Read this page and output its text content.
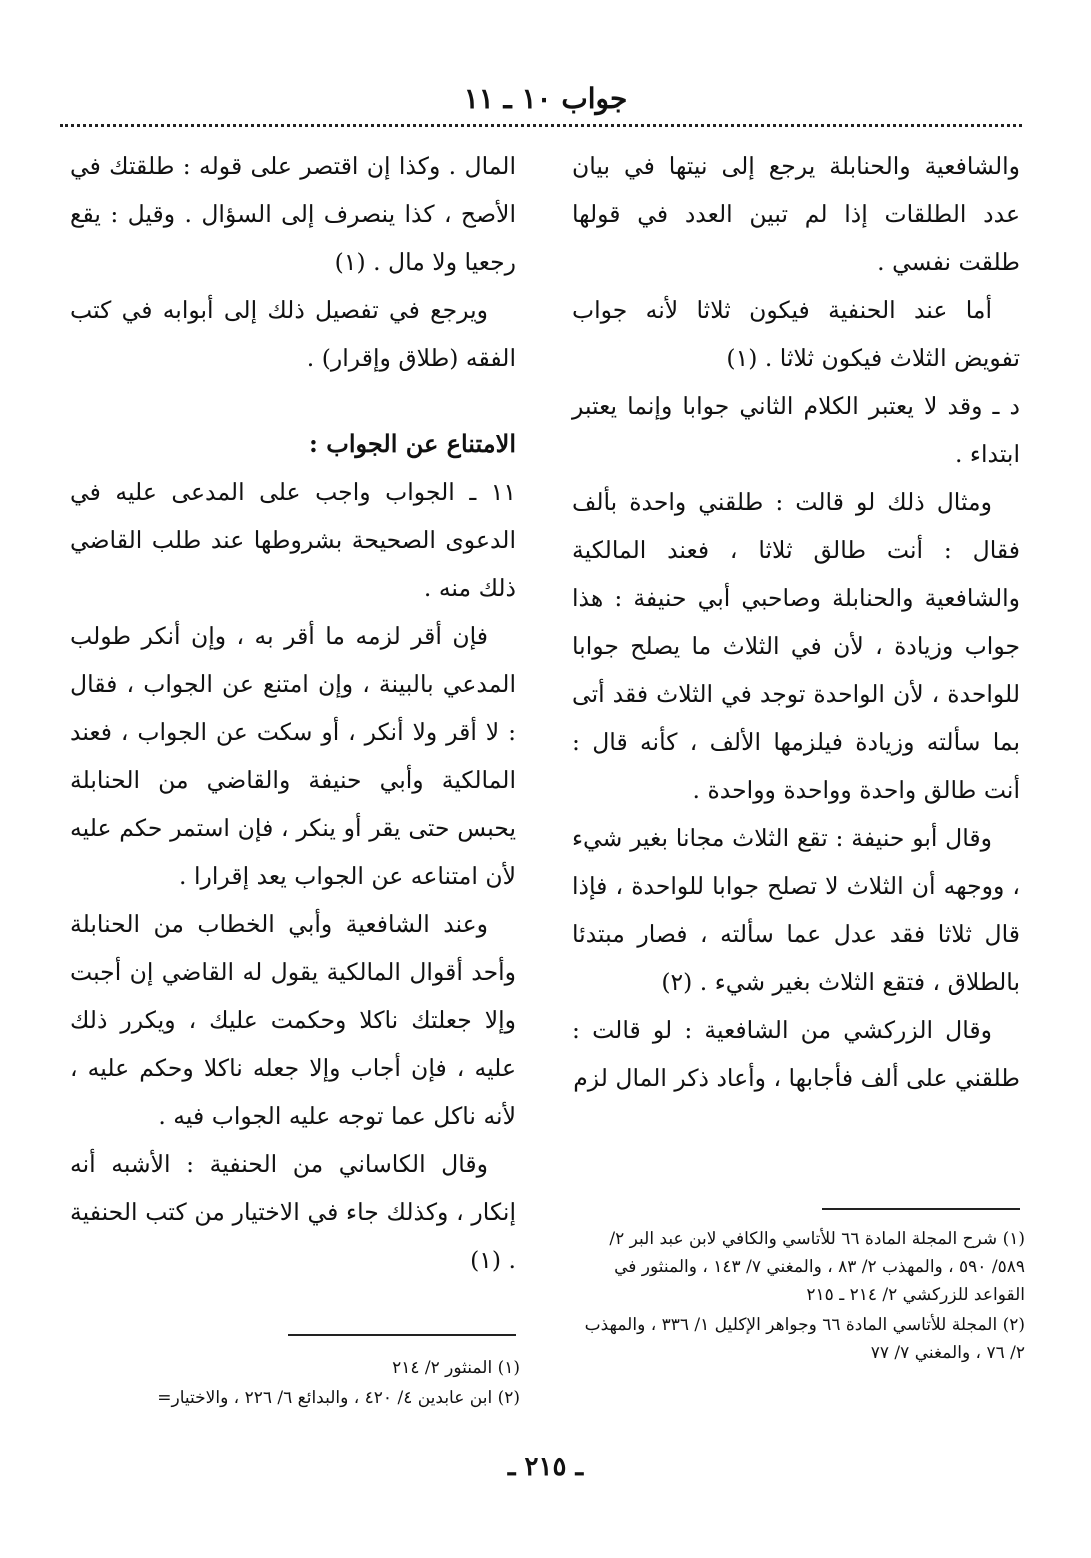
جواب ١٠ ـ ١١

والشافعية والحنابلة يرجع إلى نيتها في بيان عدد الطلقات إذا لم تبين العدد في قولها طلقت نفسي .

أما عند الحنفية فيكون ثلاثا لأنه جواب تفويض الثلاث فيكون ثلاثا . (١)

د ـ وقد لا يعتبر الكلام الثاني جوابا وإنما يعتبر ابتداء .

ومثال ذلك لو قالت : طلقني واحدة بألف فقال : أنت طالق ثلاثا ، فعند المالكية والشافعية والحنابلة وصاحبي أبي حنيفة : هذا جواب وزيادة ، لأن في الثلاث ما يصلح جوابا للواحدة ، لأن الواحدة توجد في الثلاث فقد أتى بما سألته وزيادة فيلزمها الألف ، كأنه قال : أنت طالق واحدة وواحدة وواحدة .

وقال أبو حنيفة : تقع الثلاث مجانا بغير شيء ، ووجهه أن الثلاث لا تصلح جوابا للواحدة ، فإذا قال ثلاثا فقد عدل عما سألته ، فصار مبتدئا بالطلاق ، فتقع الثلاث بغير شيء . (٢)

وقال الزركشي من الشافعية : لو قالت : طلقني على ألف فأجابها ، وأعاد ذكر المال لزم

المال . وكذا إن اقتصر على قوله : طلقتك في الأصح ، كذا ينصرف إلى السؤال . وقيل : يقع رجعيا ولا مال . (١)

ويرجع في تفصيل ذلك إلى أبوابه في كتب الفقه (طلاق وإقرار) .

الامتناع عن الجواب :

١١ ـ الجواب واجب على المدعى عليه في الدعوى الصحيحة بشروطها عند طلب القاضي ذلك منه .

فإن أقر لزمه ما أقر به ، وإن أنكر طولب المدعي بالبينة ، وإن امتنع عن الجواب ، فقال : لا أقر ولا أنكر ، أو سكت عن الجواب ، فعند المالكية وأبي حنيفة والقاضي من الحنابلة يحبس حتى يقر أو ينكر ، فإن استمر حكم عليه لأن امتناعه عن الجواب يعد إقرارا .

وعند الشافعية وأبي الخطاب من الحنابلة وأحد أقوال المالكية يقول له القاضي إن أجبت وإلا جعلتك ناكلا وحكمت عليك ، ويكرر ذلك عليه ، فإن أجاب وإلا جعله ناكلا وحكم عليه ، لأنه ناكل عما توجه عليه الجواب فيه .

وقال الكاساني من الحنفية : الأشبه أنه إنكار ، وكذلك جاء في الاختيار من كتب الحنفية . (١)

(١) شرح المجلة المادة ٦٦ للأتاسي والكافي لابن عبد البر ٢/ ٥٨٩/ ٥٩٠ ، والمهذب ٢/ ٨٣ ، والمغني ٧/ ١٤٣ ، والمنثور في القواعد للزركشي ٢/ ٢١٤ ـ ٢١٥

(٢) المجلة للأتاسي المادة ٦٦ وجواهر الإكليل ١/ ٣٣٦ ، والمهذب ٢/ ٧٦ ، والمغني ٧/ ٧٧

(١) المنثور ٢/ ٢١٤

(٢) ابن عابدين ٤/ ٤٢٠ ، والبدائع ٦/ ٢٢٦ ، والاختيار=

ـ ٢١٥ ـ
